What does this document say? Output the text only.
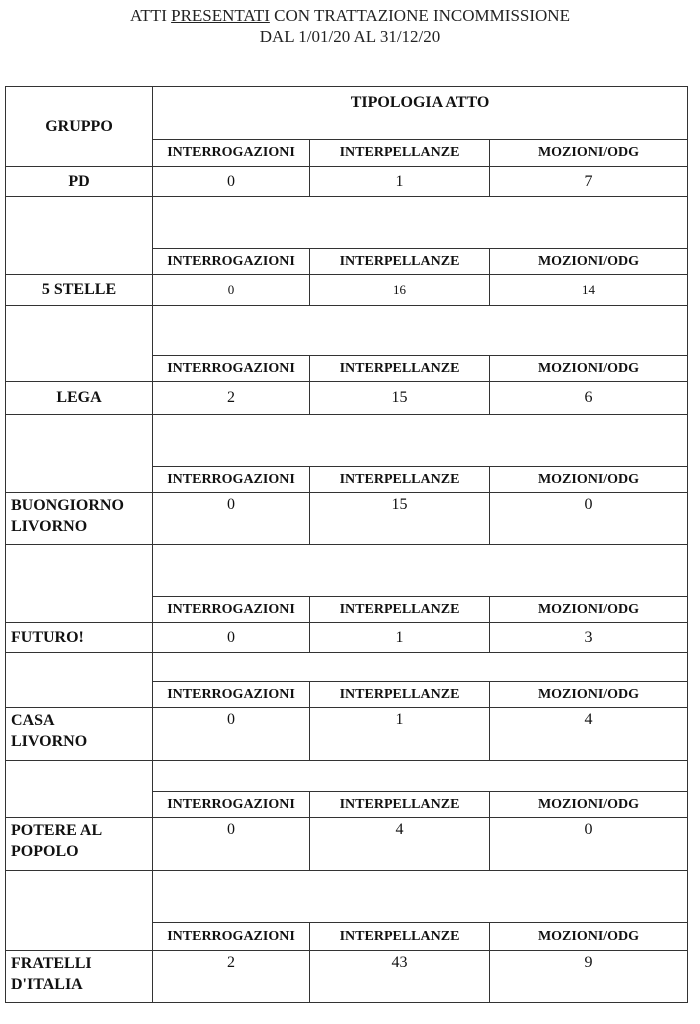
ATTI PRESENTATI CON TRATTAZIONE INCOMMISSIONE
DAL 1/01/20 AL 31/12/20
GRUPPO	TIPOLOGIA ATTO		
	INTERROGAZIONI	INTERPELLANZE	MOZIONI/ODG
PD	0	1	7

	INTERROGAZIONI	INTERPELLANZE	MOZIONI/ODG
5 STELLE	0	16	14

	INTERROGAZIONI	INTERPELLANZE	MOZIONI/ODG
LEGA	2	15	6

	INTERROGAZIONI	INTERPELLANZE	MOZIONI/ODG

BUONGIORNO
LIVORNO	0	15	0

	INTERROGAZIONI	INTERPELLANZE	MOZIONI/ODG
FUTURO!	0	1	3

	INTERROGAZIONI	INTERPELLANZE	MOZIONI/ODG

CASA
LIVORNO	0	1	4

	INTERROGAZIONI	INTERPELLANZE	MOZIONI/ODG

POTERE AL
POPOLO	0	4	0

	INTERROGAZIONI	INTERPELLANZE	MOZIONI/ODG

FRATELLI
D'ITALIA	2	43	9
